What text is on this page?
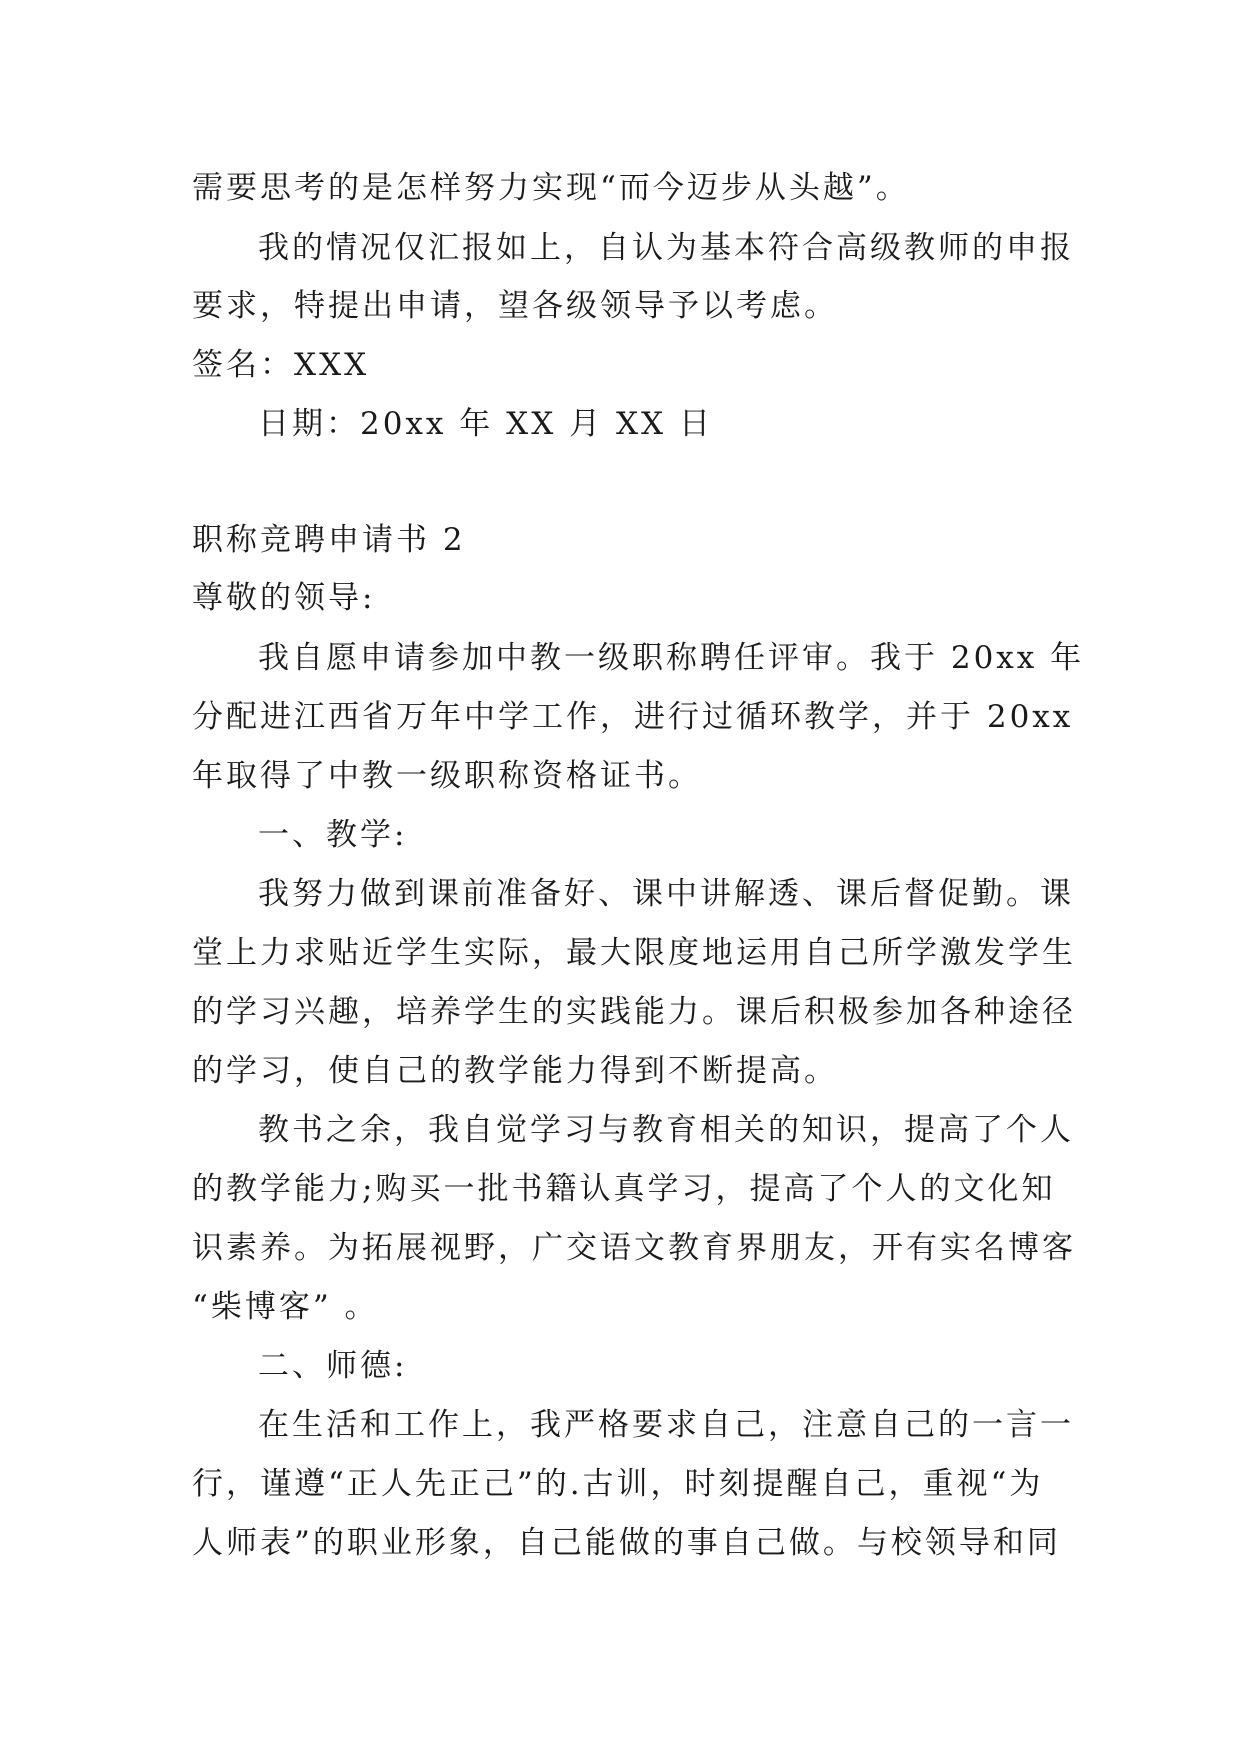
需要思考的是怎样努力实现“而今迈步从头越”。
我的情况仅汇报如上，自认为基本符合高级教师的申报
要求，特提出申请，望各级领导予以考虑。
签名：XXX
日期：20xx 年 XX 月 XX 日
职称竞聘申请书 2
尊敬的领导:
我自愿申请参加中教一级职称聘任评审。我于 20xx 年
分配进江西省万年中学工作，进行过循环教学，并于 20xx
年取得了中教一级职称资格证书。
一、教学:
我努力做到课前准备好、课中讲解透、课后督促勤。课
堂上力求贴近学生实际，最大限度地运用自己所学激发学生
的学习兴趣，培养学生的实践能力。课后积极参加各种途径
的学习，使自己的教学能力得到不断提高。
教书之余，我自觉学习与教育相关的知识，提高了个人
的教学能力;购买一批书籍认真学习，提高了个人的文化知
识素养。为拓展视野，广交语文教育界朋友，开有实名博客
“柴博客” 。
二、师德:
在生活和工作上，我严格要求自己，注意自己的一言一
行，谨遵“正人先正己”的.古训，时刻提醒自己，重视“为
人师表”的职业形象，自己能做的事自己做。与校领导和同
